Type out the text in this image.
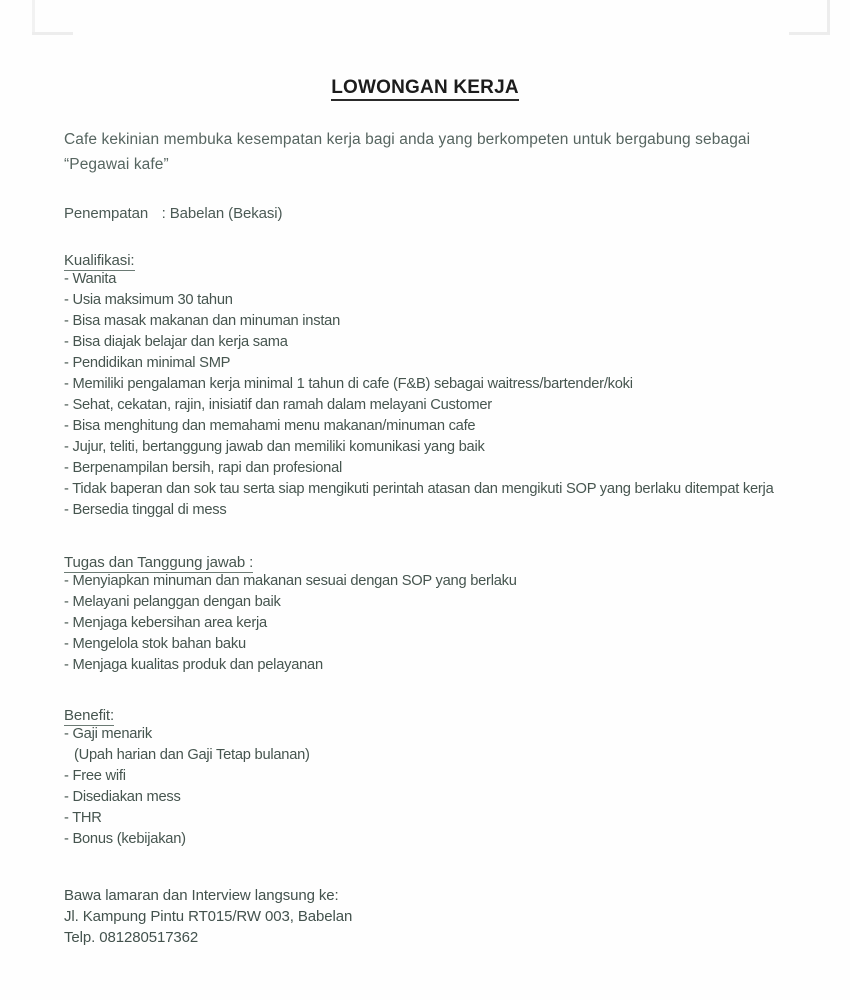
LOWONGAN KERJA

Cafe kekinian membuka kesempatan kerja bagi anda yang berkompeten untuk bergabung sebagai “Pegawai kafe”

Penempatan	: Babelan (Bekasi)

Kualifikasi:

- Wanita
- Usia maksimum 30 tahun
- Bisa masak makanan dan minuman instan
- Bisa diajak belajar dan kerja sama
- Pendidikan minimal SMP
- Memiliki pengalaman kerja minimal 1 tahun di cafe (F&B) sebagai waitress/bartender/koki
- Sehat, cekatan, rajin, inisiatif dan ramah dalam melayani Customer
- Bisa menghitung dan memahami menu makanan/minuman cafe
- Jujur, teliti, bertanggung jawab dan memiliki komunikasi yang baik
- Berpenampilan bersih, rapi dan profesional
- Tidak baperan dan sok tau serta siap mengikuti perintah atasan dan mengikuti SOP yang berlaku ditempat kerja
- Bersedia tinggal di mess

Tugas dan Tanggung jawab :

- Menyiapkan minuman dan makanan sesuai dengan SOP yang berlaku
- Melayani pelanggan dengan baik
- Menjaga kebersihan area kerja
- Mengelola stok bahan baku
- Menjaga kualitas produk dan pelayanan

Benefit:

- Gaji menarik
(Upah harian dan Gaji Tetap bulanan)
- Free wifi
- Disediakan mess
- THR
- Bonus (kebijakan)
Bawa lamaran dan Interview langsung ke:
Jl. Kampung Pintu RT015/RW 003, Babelan
Telp. 081280517362
